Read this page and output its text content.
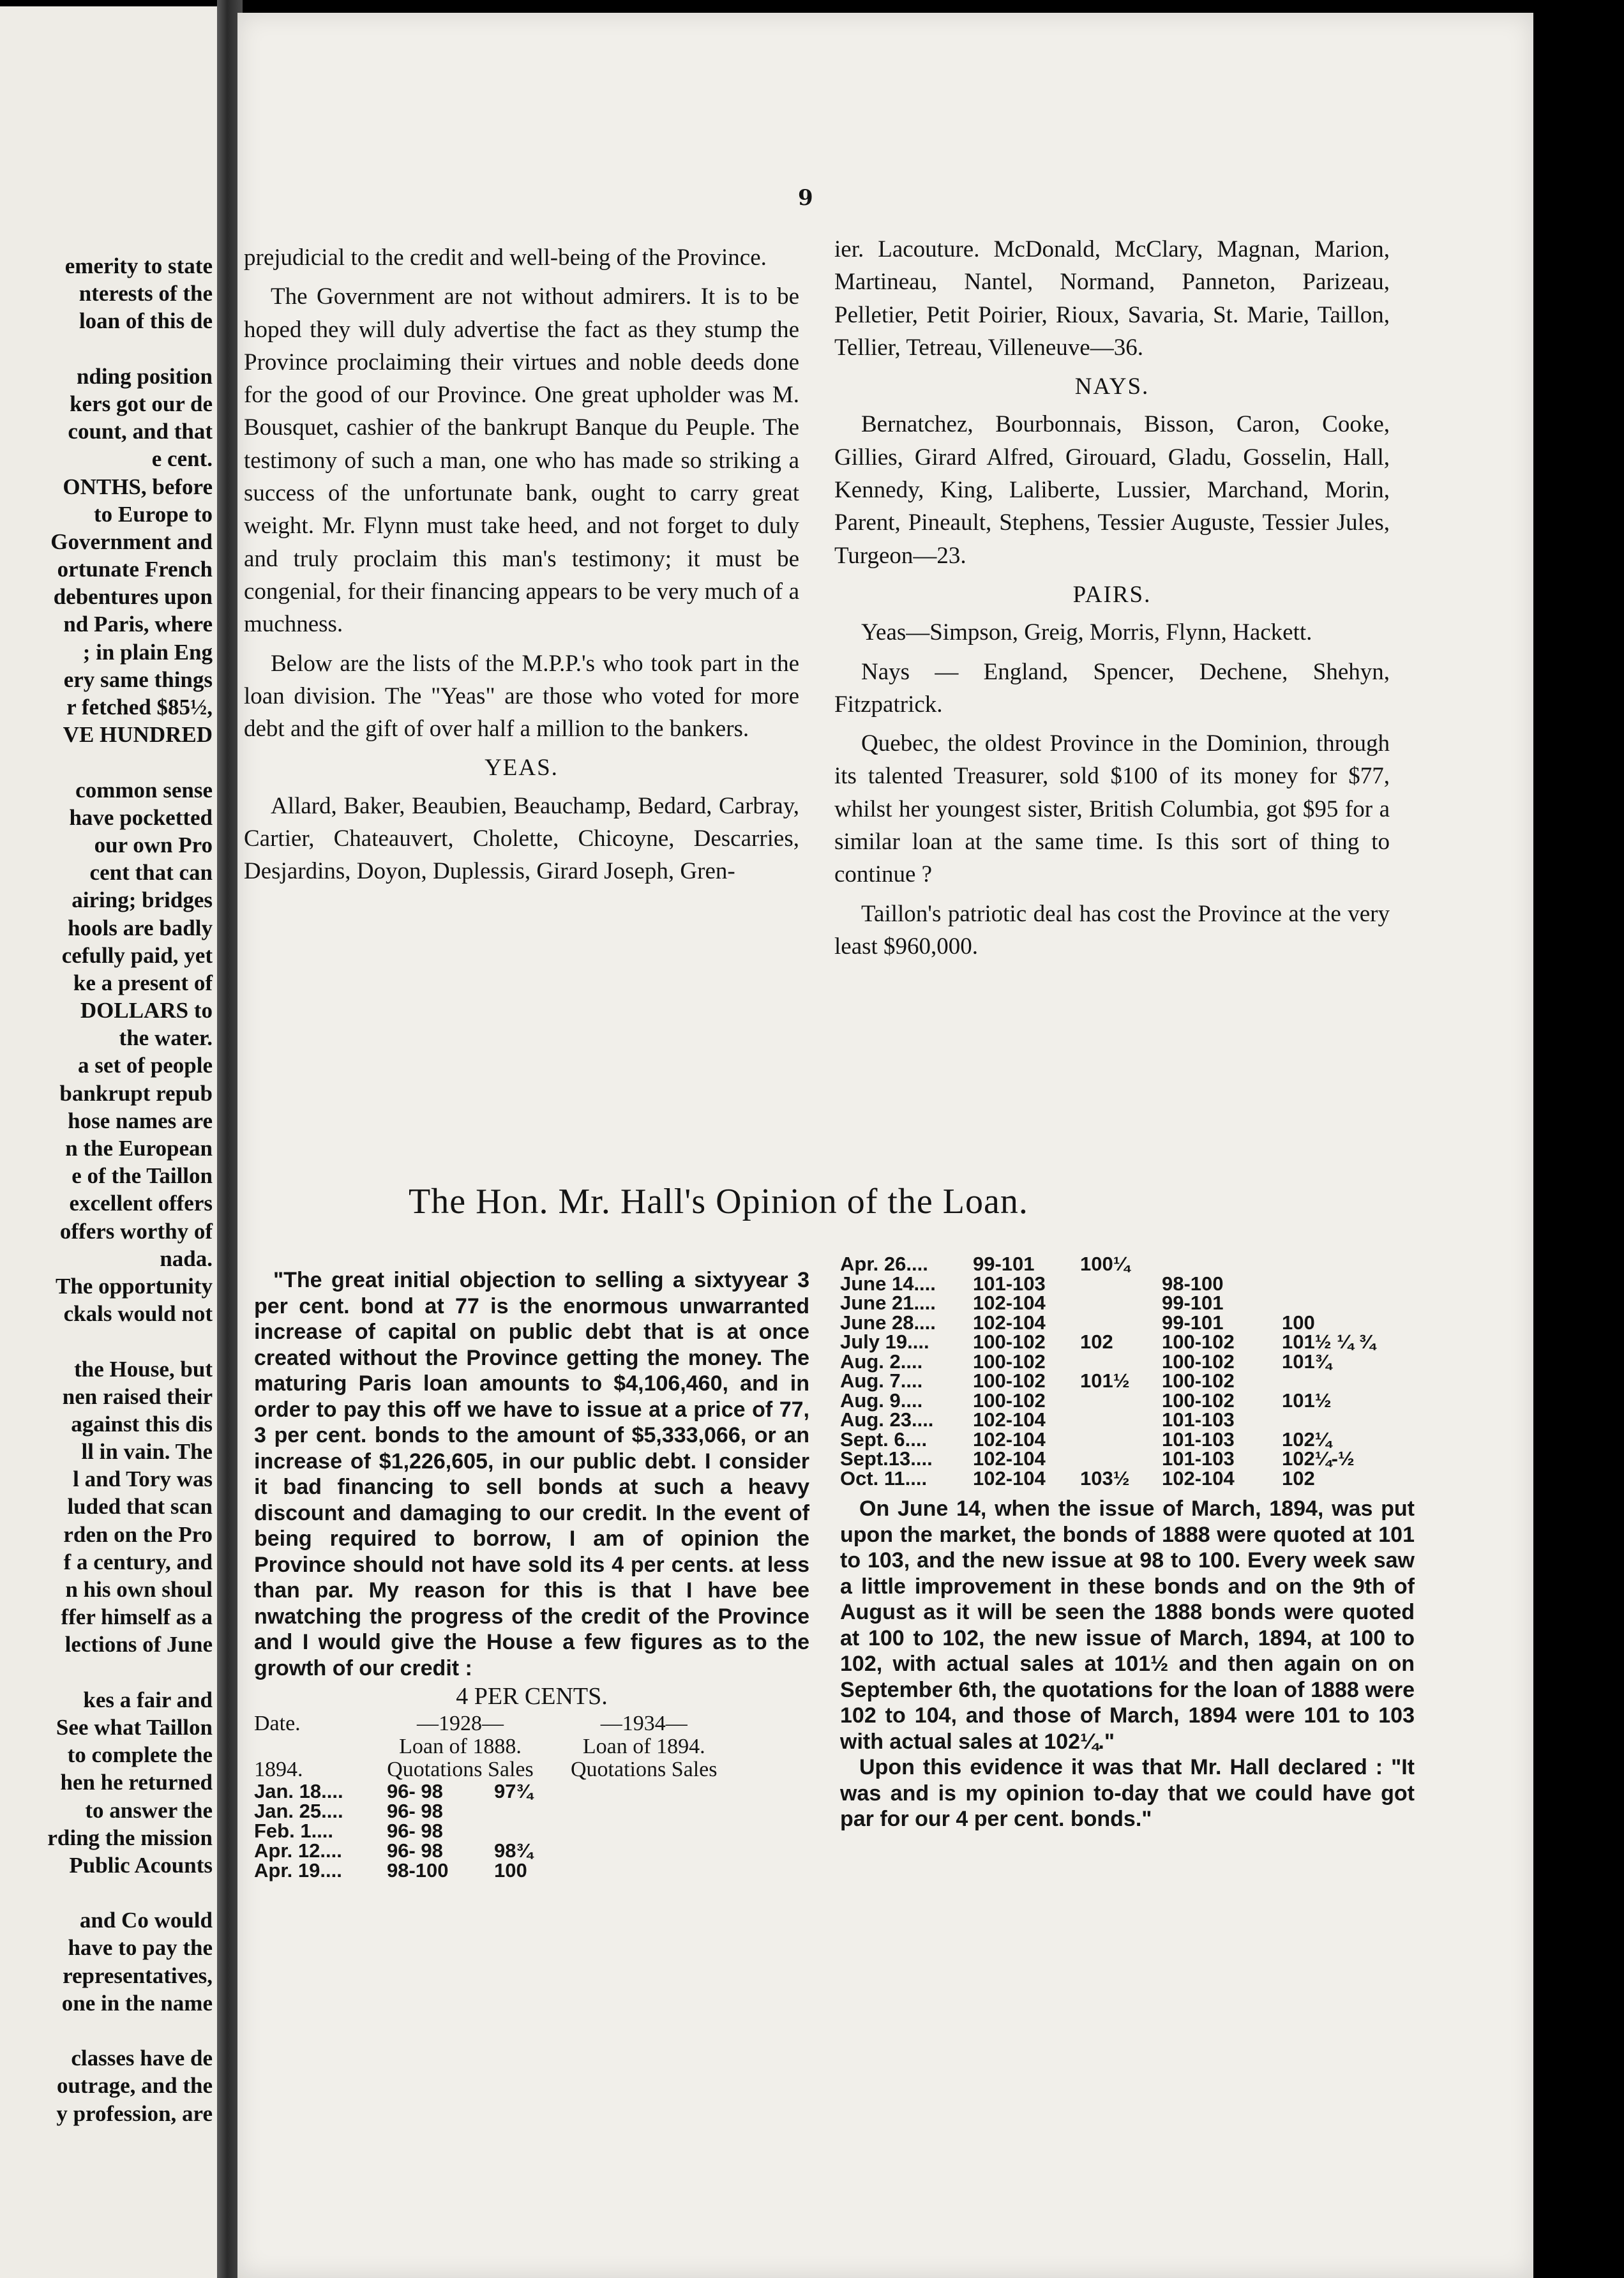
emerity to state
nterests of the
loan of this de
nding position
kers got our de
count, and that
e cent.
ONTHS, before
to Europe to
Government and
ortunate French
debentures upon
nd Paris, where
; in plain Eng
ery same things
r fetched $85½,
VE HUNDRED
common sense
have pocketted
our own Pro
cent that can
airing; bridges
hools are badly
cefully paid, yet
ke a present of
DOLLARS to
the water.
a set of people
bankrupt repub
hose names are
n the European
e of the Taillon
excellent offers
offers worthy of
nada.
The opportunity
ckals would not
the House, but
nen raised their
against this dis
ll in vain. The
l and Tory was
luded that scan
rden on the Pro
f a century, and
n his own shoul
ffer himself as a
lections of June
kes a fair and
See what Taillon
to complete the
hen he returned
to answer the
rding the mission
Public Acounts
and Co would
have to pay the
representatives,
one in the name
classes have de
outrage, and the
y profession, are
9

prejudicial to the credit and well-being of the Province.

The Government are not without admirers. It is to be hoped they will duly advertise the fact as they stump the Province proclaiming their virtues and noble deeds done for the good of our Province. One great upholder was M. Bousquet, cashier of the bankrupt Banque du Peuple. The testimony of such a man, one who has made so striking a success of the unfortunate bank, ought to carry great weight. Mr. Flynn must take heed, and not forget to duly and truly proclaim this man's testimony; it must be congenial, for their financing appears to be very much of a muchness.

Below are the lists of the M.P.P.'s who took part in the loan division. The "Yeas" are those who voted for more debt and the gift of over half a million to the bankers.

YEAS.

Allard, Baker, Beaubien, Beauchamp, Bedard, Carbray, Cartier, Chateauvert, Cholette, Chicoyne, Descarries, Desjardins, Doyon, Duplessis, Girard Joseph, Gren-

ier. Lacouture. McDonald, McClary, Magnan, Marion, Martineau, Nantel, Normand, Panneton, Parizeau, Pelletier, Petit Poirier, Rioux, Savaria, St. Marie, Taillon, Tellier, Tetreau, Villeneuve—36.

NAYS.

Bernatchez, Bourbonnais, Bisson, Caron, Cooke, Gillies, Girard Alfred, Girouard, Gladu, Gosselin, Hall, Kennedy, King, Laliberte, Lussier, Marchand, Morin, Parent, Pineault, Stephens, Tessier Auguste, Tessier Jules, Turgeon—23.

PAIRS.

Yeas—Simpson, Greig, Morris, Flynn, Hackett.

Nays — England, Spencer, Dechene, Shehyn, Fitzpatrick.

Quebec, the oldest Province in the Dominion, through its talented Treasurer, sold $100 of its money for $77, whilst her youngest sister, British Columbia, got $95 for a similar loan at the same time. Is this sort of thing to continue ?

Taillon's patriotic deal has cost the Province at the very least $960,000.

The Hon. Mr. Hall's Opinion of the Loan.

"The great initial objection to selling a sixtyyear 3 per cent. bond at 77 is the enormous unwarranted increase of capital on public debt that is at once created without the Province getting the money. The maturing Paris loan amounts to $4,106,460, and in order to pay this off we have to issue at a price of 77, 3 per cent. bonds to the amount of $5,333,066, or an increase of $1,226,605, in our public debt. I consider it bad financing to sell bonds at such a heavy discount and damaging to our credit. In the event of being required to borrow, I am of opinion the Province should not have sold its 4 per cents. at less than par. My reason for this is that I have bee nwatching the progress of the credit of the Province and I would give the House a few figures as to the growth of our credit :

4 PER CENTS.
Date.	—1928—	—1934—
	Loan of 1888.	Loan of 1894.
1894.	Quotations Sales	Quotations Sales
Jan. 18....	96- 98	97¾		
Jan. 25....	96- 98			
Feb. 1....	96- 98			
Apr. 12....	96- 98	98¾		
Apr. 19....	98-100	100		
Apr. 26....	99-101	100¼		
June 14....	101-103		98-100	
June 21....	102-104		99-101	
June 28....	102-104		99-101	100
July 19....	100-102	102	100-102	101½ ¼ ¾
Aug. 2....	100-102		100-102	101¾
Aug. 7....	100-102	101½	100-102	
Aug. 9....	100-102		100-102	101½
Aug. 23....	102-104		101-103	
Sept. 6....	102-104		101-103	102¼
Sept.13....	102-104		101-103	102¼-½
Oct. 11....	102-104	103½	102-104	102

On June 14, when the issue of March, 1894, was put upon the market, the bonds of 1888 were quoted at 101 to 103, and the new issue at 98 to 100. Every week saw a little improvement in these bonds and on the 9th of August as it will be seen the 1888 bonds were quoted at 100 to 102, the new issue of March, 1894, at 100 to 102, with actual sales at 101½ and then again on on September 6th, the quotations for the loan of 1888 were 102 to 104, and those of March, 1894 were 101 to 103 with actual sales at 102¼."

Upon this evidence it was that Mr. Hall declared : "It was and is my opinion to-day that we could have got par for our 4 per cent. bonds."
